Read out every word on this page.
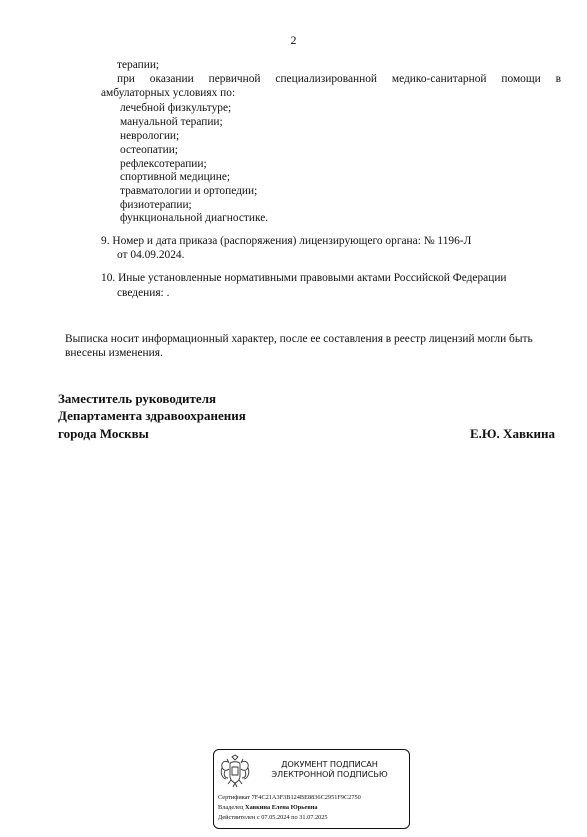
2
терапии;
при оказании первичной специализированной медико-санитарной помощи в
амбулаторных условиях по:
лечебной физкультуре;
мануальной терапии;
неврологии;
остеопатии;
рефлексотерапии;
спортивной медицине;
травматологии и ортопедии;
физиотерапии;
функциональной диагностике.
9. Номер и дата приказа (распоряжения) лицензирующего органа: № 1196-Л
от 04.09.2024.
10. Иные установленные нормативными правовыми актами Российской Федерации
сведения: .
Выписка носит информационный характер, после ее составления в реестр лицензий могли быть
внесены изменения.
Заместитель руководителя
Департамента здравоохранения
города Москвы	Е.Ю. Хавкина
ДОКУМЕНТ ПОДПИСАН
ЭЛЕКТРОННОЙ ПОДПИСЬЮ
Сертификат 7F4C21A3F3B124BE8836C2951F9C2750
Владелец Хавкина Елена Юрьевна
Действителен с 07.05.2024 по 31.07.2025
